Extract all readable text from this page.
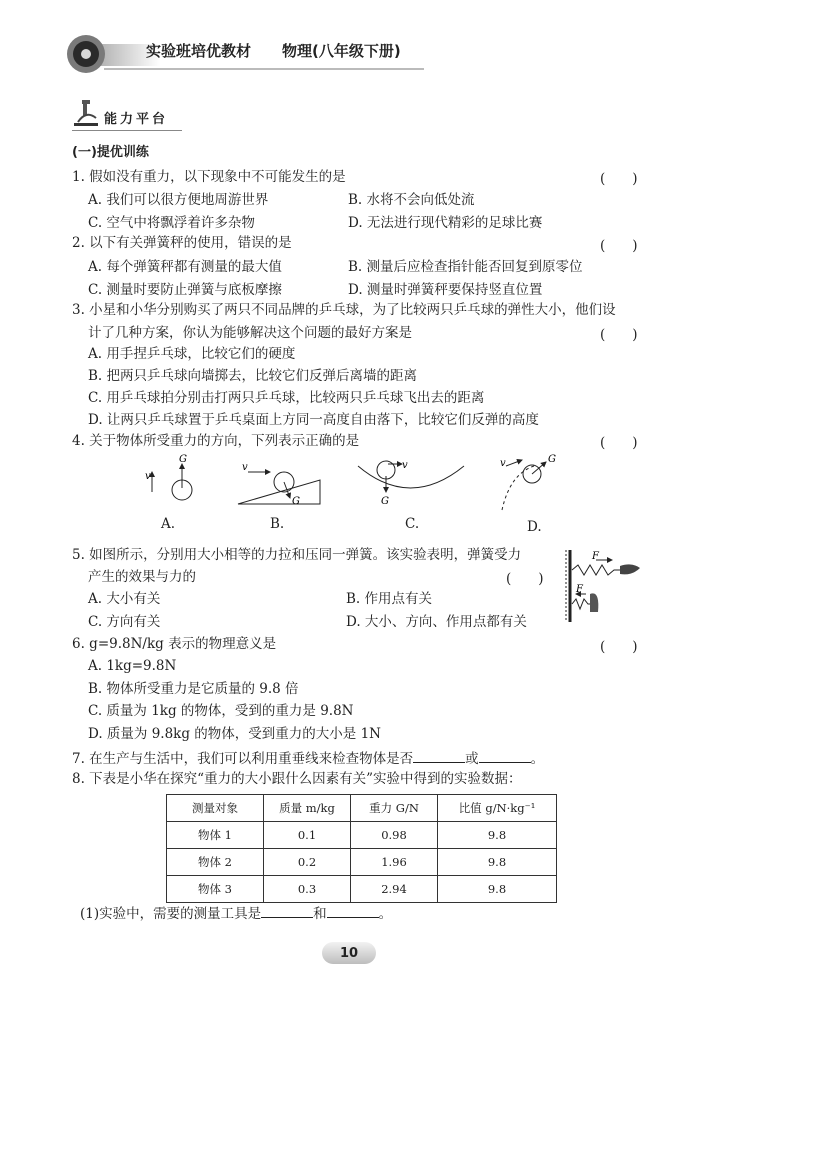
实验班培优教材 物理(八年级下册)
能力平台
(一)提优训练
1. 假如没有重力，以下现象中不可能发生的是	(　　)
A. 我们可以很方便地周游世界	B. 水将不会向低处流
C. 空气中将飘浮着许多杂物	D. 无法进行现代精彩的足球比赛
2. 以下有关弹簧秤的使用，错误的是	(　　)
A. 每个弹簧秤都有测量的最大值	B. 测量后应检查指针能否回复到原零位
C. 测量时要防止弹簧与底板摩擦	D. 测量时弹簧秤要保持竖直位置
3. 小星和小华分别购买了两只不同品牌的乒乓球，为了比较两只乒乓球的弹性大小，他们设
计了几种方案，你认为能够解决这个问题的最好方案是	(　　)
A. 用手捏乒乓球，比较它们的硬度
B. 把两只乒乓球向墙掷去，比较它们反弹后离墙的距离
C. 用乒乓球拍分别击打两只乒乓球，比较两只乒乓球飞出去的距离
D. 让两只乒乓球置于乒乓桌面上方同一高度自由落下，比较它们反弹的高度
4. 关于物体所受重力的方向，下列表示正确的是	(　　)
v
G
v
G
v
G
v	G
A.	B.	C.	D.
5. 如图所示，分别用大小相等的力拉和压同一弹簧。该实验表明，弹簧受力
产生的效果与力的	(　　)
A. 大小有关	B. 作用点有关
C. 方向有关	D. 大小、方向、作用点都有关
F
F
6. g=9.8N/kg 表示的物理意义是	(　　)
A. 1kg=9.8N
B. 物体所受重力是它质量的 9.8 倍
C. 质量为 1kg 的物体，受到的重力是 9.8N
D. 质量为 9.8kg 的物体，受到重力的大小是 1N
7. 在生产与生活中，我们可以利用重垂线来检查物体是否	或	。
8. 下表是小华在探究“重力的大小跟什么因素有关”实验中得到的实验数据：
测量对象	质量 m/kg	重力 G/N	比值 g/N·kg⁻¹
物体 1	0.1	0.98	9.8
物体 2	0.2	1.96	9.8
物体 3	0.3	2.94	9.8
(1)实验中，需要的测量工具是	和	。
10
